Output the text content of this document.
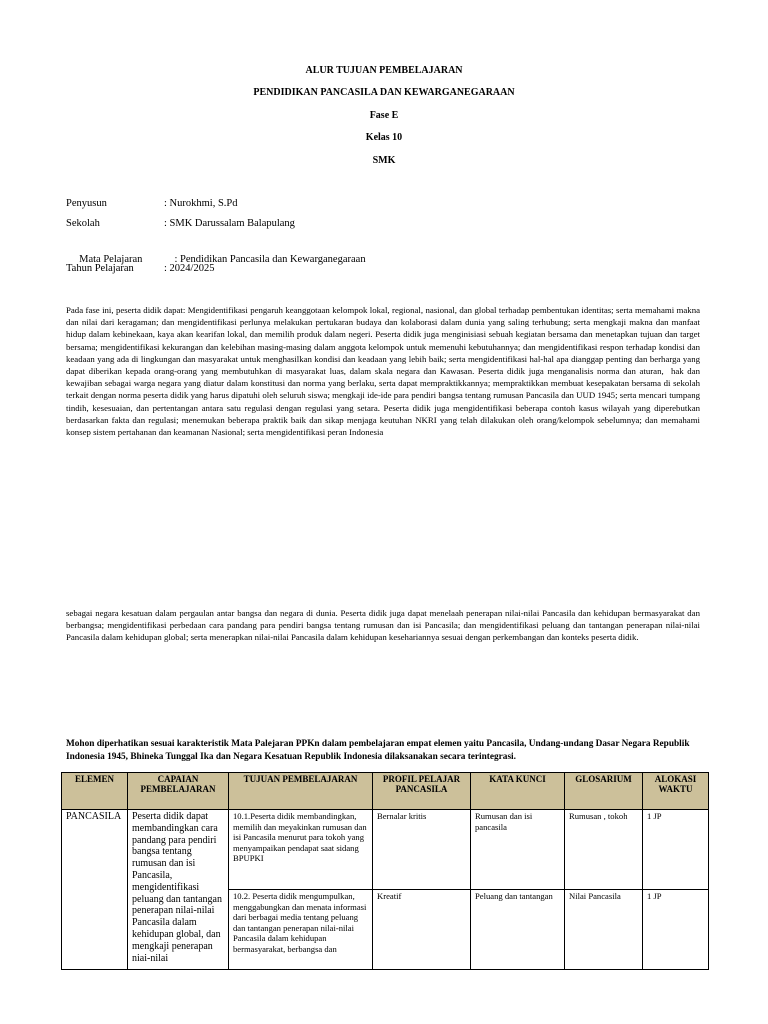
ALUR TUJUAN PEMBELAJARAN
PENDIDIKAN PANCASILA DAN KEWARGANEGARAAN
Fase E
Kelas 10
SMK
Penyusun	: Nurokhmi, S.Pd
Sekolah	: SMK Darussalam Balapulang

Mata Pelajaran	: Pendidikan Pancasila dan Kewarganegaraan

Tahun Pelajaran	: 2024/2025
Pada fase ini, peserta didik dapat: Mengidentifikasi pengaruh keanggotaan kelompok lokal, regional, nasional, dan global terhadap pembentukan identitas; serta memahami makna dan nilai dari keragaman; dan mengidentifikasi perlunya melakukan pertukaran budaya dan kolaborasi dalam dunia yang saling terhubung; serta mengkaji makna dan manfaat hidup dalam kebinekaan, kaya akan kearifan lokal, dan memilih produk dalam negeri. Peserta didik juga menginisiasi sebuah kegiatan bersama dan menetapkan tujuan dan target bersama; mengidentifikasi kekurangan dan kelebihan masing-masing dalam anggota kelompok untuk memenuhi kebutuhannya; dan mengidentifikasi respon terhadap kondisi dan keadaan yang ada di lingkungan dan masyarakat untuk menghasilkan kondisi dan keadaan yang lebih baik; serta mengidentifikasi hal-hal apa dianggap penting dan berharga yang dapat diberikan kepada orang-orang yang membutuhkan di masyarakat luas, dalam skala negara dan Kawasan. Peserta didik juga menganalisis norma dan aturan,  hak dan kewajiban sebagai warga negara yang diatur dalam konstitusi dan norma yang berlaku, serta dapat mempraktikkannya; mempraktikkan membuat kesepakatan bersama di sekolah terkait dengan norma peserta didik yang harus dipatuhi oleh seluruh siswa; mengkaji ide-ide para pendiri bangsa tentang rumusan Pancasila dan UUD 1945; serta mencari tumpang tindih, kesesuaian, dan pertentangan antara satu regulasi dengan regulasi yang setara. Peserta didik juga mengidentifikasi beberapa contoh kasus wilayah yang diperebutkan berdasarkan fakta dan regulasi; menemukan beberapa praktik baik dan sikap menjaga keutuhan NKRI yang telah dilakukan oleh orang/kelompok sebelumnya; dan memahami konsep sistem pertahanan dan keamanan Nasional; serta mengidentifikasi peran Indonesia
sebagai negara kesatuan dalam pergaulan antar bangsa dan negara di dunia. Peserta didik juga dapat menelaah penerapan nilai-nilai Pancasila dan kehidupan bermasyarakat dan berbangsa; mengidentifikasi perbedaan cara pandang para pendiri bangsa tentang rumusan dan isi Pancasila; dan mengidentifikasi peluang dan tantangan penerapan nilai-nilai Pancasila dalam kehidupan global; serta menerapkan nilai-nilai Pancasila dalam kehidupan kesehariannya sesuai dengan perkembangan dan konteks peserta didik.
Mohon diperhatikan sesuai karakteristik Mata Palejaran PPKn dalam pembelajaran empat elemen yaitu Pancasila, Undang-undang Dasar Negara Republik Indonesia 1945, Bhineka Tunggal Ika dan Negara Kesatuan Republik Indonesia dilaksanakan secara terintegrasi.
ELEMEN	CAPAIAN PEMBELAJARAN	TUJUAN PEMBELAJARAN	PROFIL PELAJAR PANCASILA	KATA KUNCI	GLOSARIUM	ALOKASI WAKTU
PANCASILA	Peserta didik dapat membandingkan cara pandang para pendiri bangsa tentang rumusan dan isi Pancasila, mengidentifikasi peluang dan tantangan penerapan nilai-nilai Pancasila dalam kehidupan global, dan mengkaji penerapan niai-nilai	10.1.Peserta didik membandingkan, memilih dan meyakinkan rumusan dan isi Pancasila menurut para tokoh yang menyampaikan pendapat saat sidang BPUPKI	Bernalar kritis	Rumusan dan isi pancasila	Rumusan , tokoh	1 JP
		10.2. Peserta didik mengumpulkan, menggabungkan dan menata informasi dari berbagai media tentang peluang dan tantangan penerapan nilai-nilai Pancasila dalam kehidupan bermasyarakat, berbangsa dan	Kreatif	Peluang dan tantangan	Nilai Pancasila	1 JP
